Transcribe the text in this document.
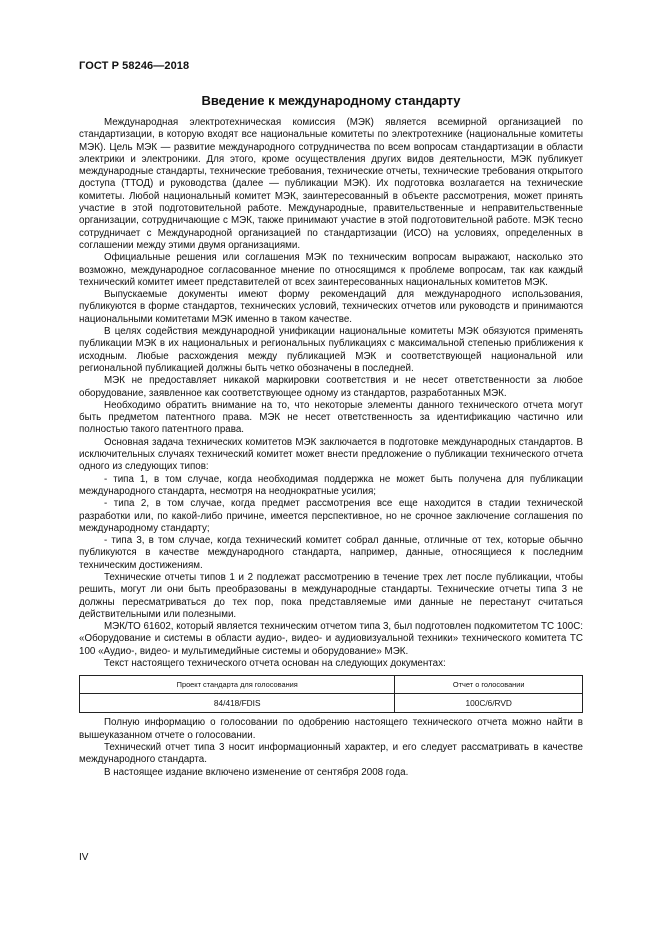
ГОСТ Р 58246—2018
Введение к международному стандарту

Международная электротехническая комиссия (МЭК) является всемирной организацией по стандартизации, в которую входят все национальные комитеты по электротехнике (национальные комитеты МЭК). Цель МЭК — развитие международного сотрудничества по всем вопросам стандартизации в области электрики и электроники. Для этого, кроме осуществления других видов деятельности, МЭК публикует международные стандарты, технические требования, технические отчеты, технические требования открытого доступа (ТТОД) и руководства (далее — публикации МЭК). Их подготовка возлагается на технические комитеты. Любой национальный комитет МЭК, заинтересованный в объекте рассмотрения, может принять участие в этой подготовительной работе. Международные, правительственные и неправительственные организации, сотрудничающие с МЭК, также принимают участие в этой подготовительной работе. МЭК тесно сотрудничает с Международной организацией по стандартизации (ИСО) на условиях, определенных в соглашении между этими двумя организациями.

Официальные решения или соглашения МЭК по техническим вопросам выражают, насколько это возможно, международное согласованное мнение по относящимся к проблеме вопросам, так как каждый технический комитет имеет представителей от всех заинтересованных национальных комитетов МЭК.

Выпускаемые документы имеют форму рекомендаций для международного использования, публикуются в форме стандартов, технических условий, технических отчетов или руководств и принимаются национальными комитетами МЭК именно в таком качестве.

В целях содействия международной унификации национальные комитеты МЭК обязуются применять публикации МЭК в их национальных и региональных публикациях с максимальной степенью приближения к исходным. Любые расхождения между публикацией МЭК и соответствующей национальной или региональной публикацией должны быть четко обозначены в последней.

МЭК не предоставляет никакой маркировки соответствия и не несет ответственности за любое оборудование, заявленное как соответствующее одному из стандартов, разработанных МЭК.

Необходимо обратить внимание на то, что некоторые элементы данного технического отчета могут быть предметом патентного права. МЭК не несет ответственность за идентификацию частично или полностью такого патентного права.

Основная задача технических комитетов МЭК заключается в подготовке международных стандартов. В исключительных случаях технический комитет может внести предложение о публикации технического отчета одного из следующих типов:

- типа 1, в том случае, когда необходимая поддержка не может быть получена для публикации международного стандарта, несмотря на неоднократные усилия;

- типа 2, в том случае, когда предмет рассмотрения все еще находится в стадии технической разработки или, по какой-либо причине, имеется перспективное, но не срочное заключение соглашения по международному стандарту;

- типа 3, в том случае, когда технический комитет собрал данные, отличные от тех, которые обычно публикуются в качестве международного стандарта, например, данные, относящиеся к последним техническим достижениям.

Технические отчеты типов 1 и 2 подлежат рассмотрению в течение трех лет после публикации, чтобы решить, могут ли они быть преобразованы в международные стандарты. Технические отчеты типа 3 не должны пересматриваться до тех пор, пока представляемые ими данные не перестанут считаться действительными или полезными.

МЭК/ТО 61602, который является техническим отчетом типа 3, был подготовлен подкомитетом ТС 100С: «Оборудование и системы в области аудио-, видео- и аудиовизуальной техники» технического комитета ТС 100 «Аудио-, видео- и мультимедийные системы и оборудование» МЭК.

Текст настоящего технического отчета основан на следующих документах:

Проект стандарта для голосования	Отчет о голосовании
84/418/FDIS	100С/6/RVD

Полную информацию о голосовании по одобрению настоящего технического отчета можно найти в вышеуказанном отчете о голосовании.

Технический отчет типа 3 носит информационный характер, и его следует рассматривать в качестве международного стандарта.

В настоящее издание включено изменение от сентября 2008 года.

IV
